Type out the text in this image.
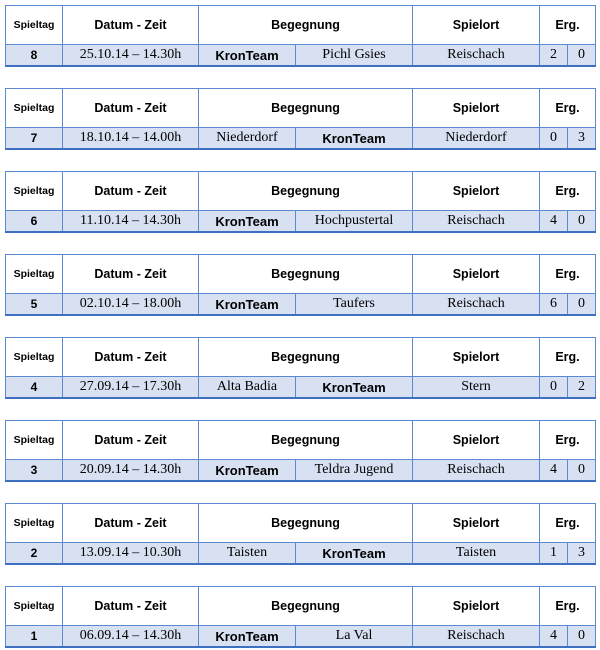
Spieltag	Datum - Zeit	Begegnung		Spielort	Erg.	
8	25.10.14 – 14.30h	KronTeam	Pichl Gsies	Reischach	2	0
Spieltag	Datum - Zeit	Begegnung		Spielort	Erg.	
7	18.10.14 – 14.00h	Niederdorf	KronTeam	Niederdorf	0	3
Spieltag	Datum - Zeit	Begegnung		Spielort	Erg.	
6	11.10.14 – 14.30h	KronTeam	Hochpustertal	Reischach	4	0
Spieltag	Datum - Zeit	Begegnung		Spielort	Erg.	
5	02.10.14 – 18.00h	KronTeam	Taufers	Reischach	6	0
Spieltag	Datum - Zeit	Begegnung		Spielort	Erg.	
4	27.09.14 – 17.30h	Alta Badia	KronTeam	Stern	0	2
Spieltag	Datum - Zeit	Begegnung		Spielort	Erg.	
3	20.09.14 – 14.30h	KronTeam	Teldra Jugend	Reischach	4	0
Spieltag	Datum - Zeit	Begegnung		Spielort	Erg.	
2	13.09.14 – 10.30h	Taisten	KronTeam	Taisten	1	3
Spieltag	Datum - Zeit	Begegnung		Spielort	Erg.	
1	06.09.14 – 14.30h	KronTeam	La Val	Reischach	4	0
